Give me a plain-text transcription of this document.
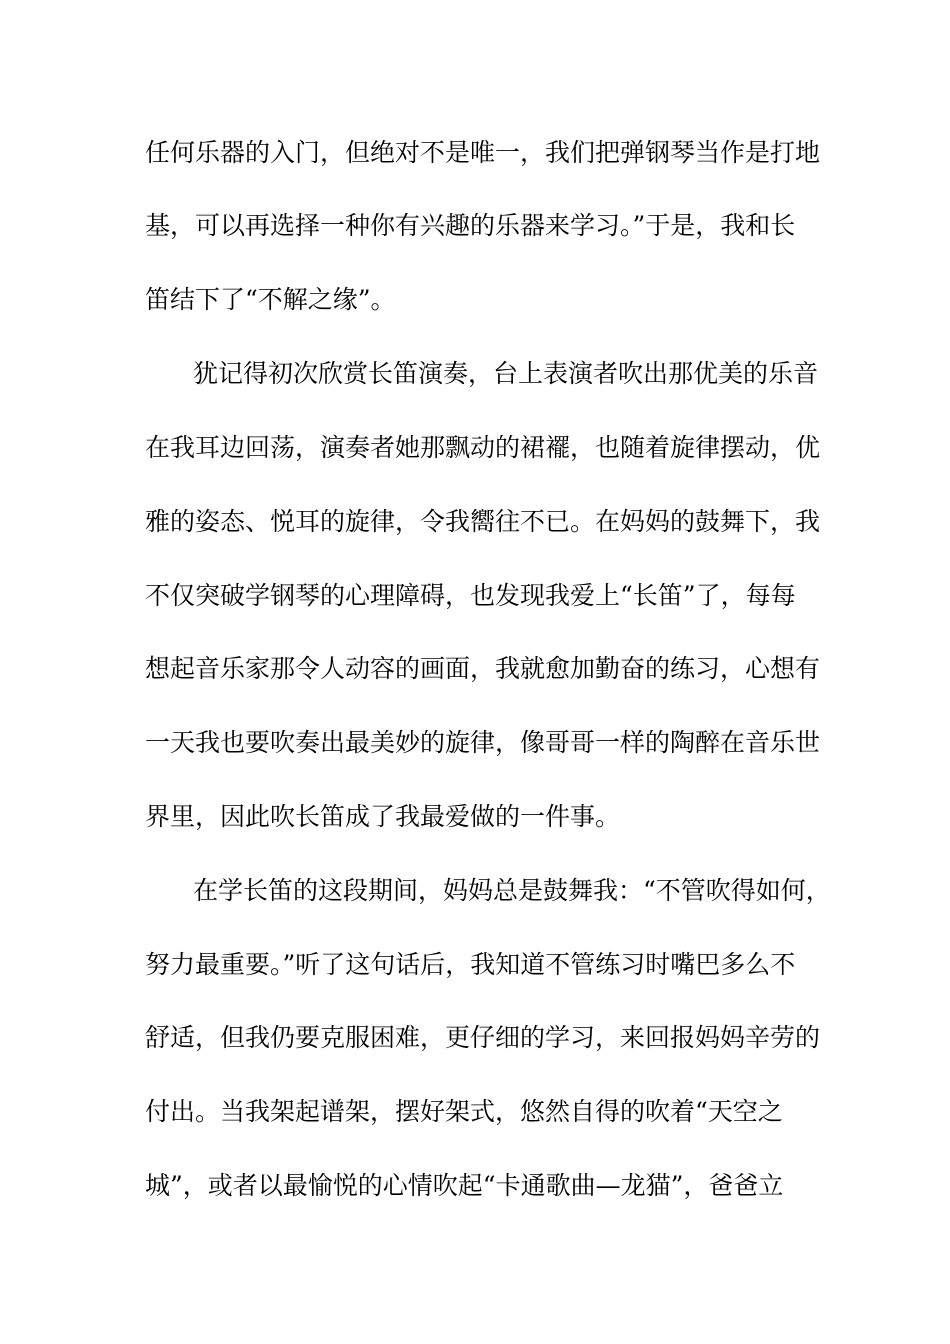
任何乐器的入门，但绝对不是唯一，我们把弹钢琴当作是打地
基，可以再选择一种你有兴趣的乐器来学习。”于是，我和长
笛结下了“不解之缘”。
犹记得初次欣赏长笛演奏，台上表演者吹出那优美的乐音
在我耳边回荡，演奏者她那飘动的裙襬，也随着旋律摆动，优
雅的姿态、悦耳的旋律，令我嚮往不已。在妈妈的鼓舞下，我
不仅突破学钢琴的心理障碍，也发现我爱上“长笛”了，每每
想起音乐家那令人动容的画面，我就愈加勤奋的练习，心想有
一天我也要吹奏出最美妙的旋律，像哥哥一样的陶醉在音乐世
界里，因此吹长笛成了我最爱做的一件事。
在学长笛的这段期间，妈妈总是鼓舞我：“不管吹得如何，
努力最重要。”听了这句话后，我知道不管练习时嘴巴多么不
舒适，但我仍要克服困难，更仔细的学习，来回报妈妈辛劳的
付出。当我架起谱架，摆好架式，悠然自得的吹着“天空之
城”，或者以最愉悦的心情吹起“卡通歌曲—龙猫”，爸爸立
